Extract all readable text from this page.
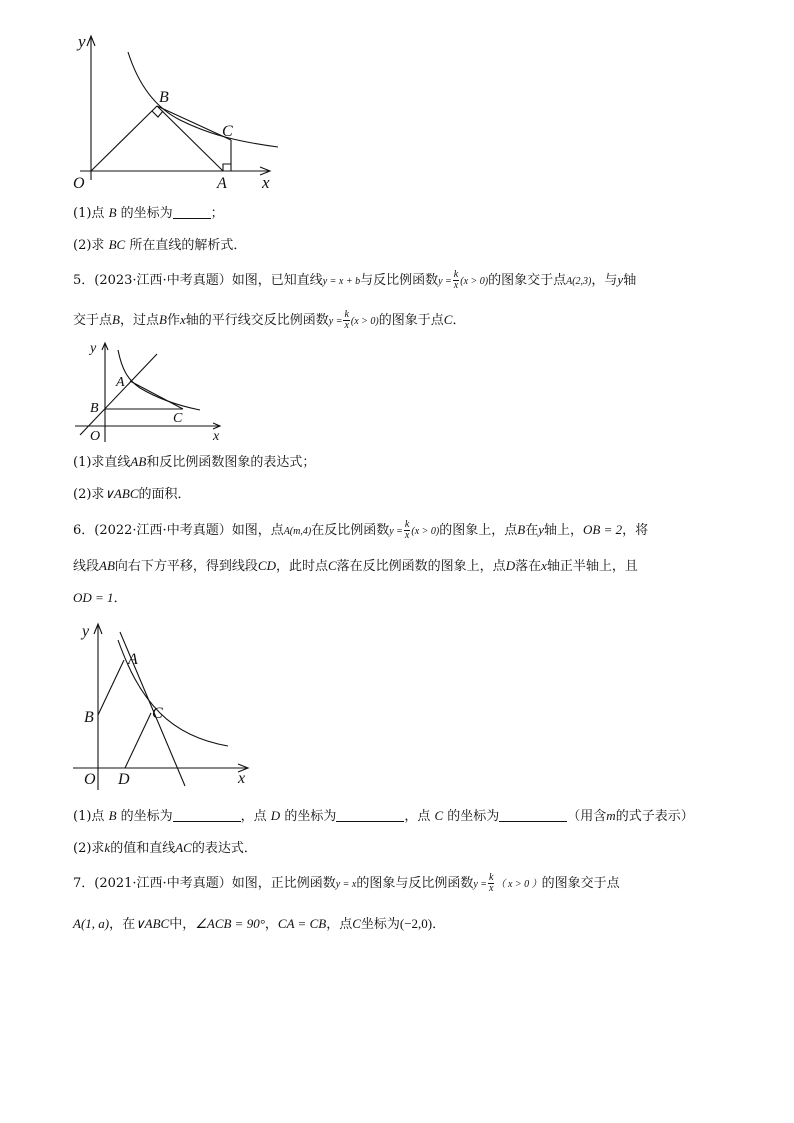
y
x
O	A
B
C
(1)点 B 的坐标为	；
(2)求 BC 所在直线的解析式．
5．(2023·江西·中考真题）如图，已知直线y = x + b与反比例函数$y = \frac{k}{x} (x > 0)$的图象交于点A(2,3)，与y轴
交于点B，过点B作x轴的平行线交反比例函数$y = \frac{k}{x} (x > 0)$的图象于点C．
y
x
O
A
B
C
(1)求直线AB和反比例函数图象的表达式；
(2)求∨ABC的面积．
6．(2022·江西·中考真题）如图，点A(m,4)在反比例函数$y = \frac{k}{x} (x > 0)$的图象上，点B在y轴上，OB = 2，将
线段AB向右下方平移，得到线段CD，此时点C落在反比例函数的图象上，点D落在x轴正半轴上，且
OD = 1．
y
x
O
A
B	C
D
(1)点 B 的坐标为	，点 D 的坐标为	，点 C 的坐标为	（用含m的式子表示）
(2)求k的值和直线AC的表达式．
7．(2021·江西·中考真题）如图，正比例函数y = x的图象与反比例函数$y = \frac{k}{x}$ （ x > 0 ）的图象交于点
A(1, a)，在∨ABC中，∠ACB = 90°，CA = CB，点C坐标为(−2,0)．
